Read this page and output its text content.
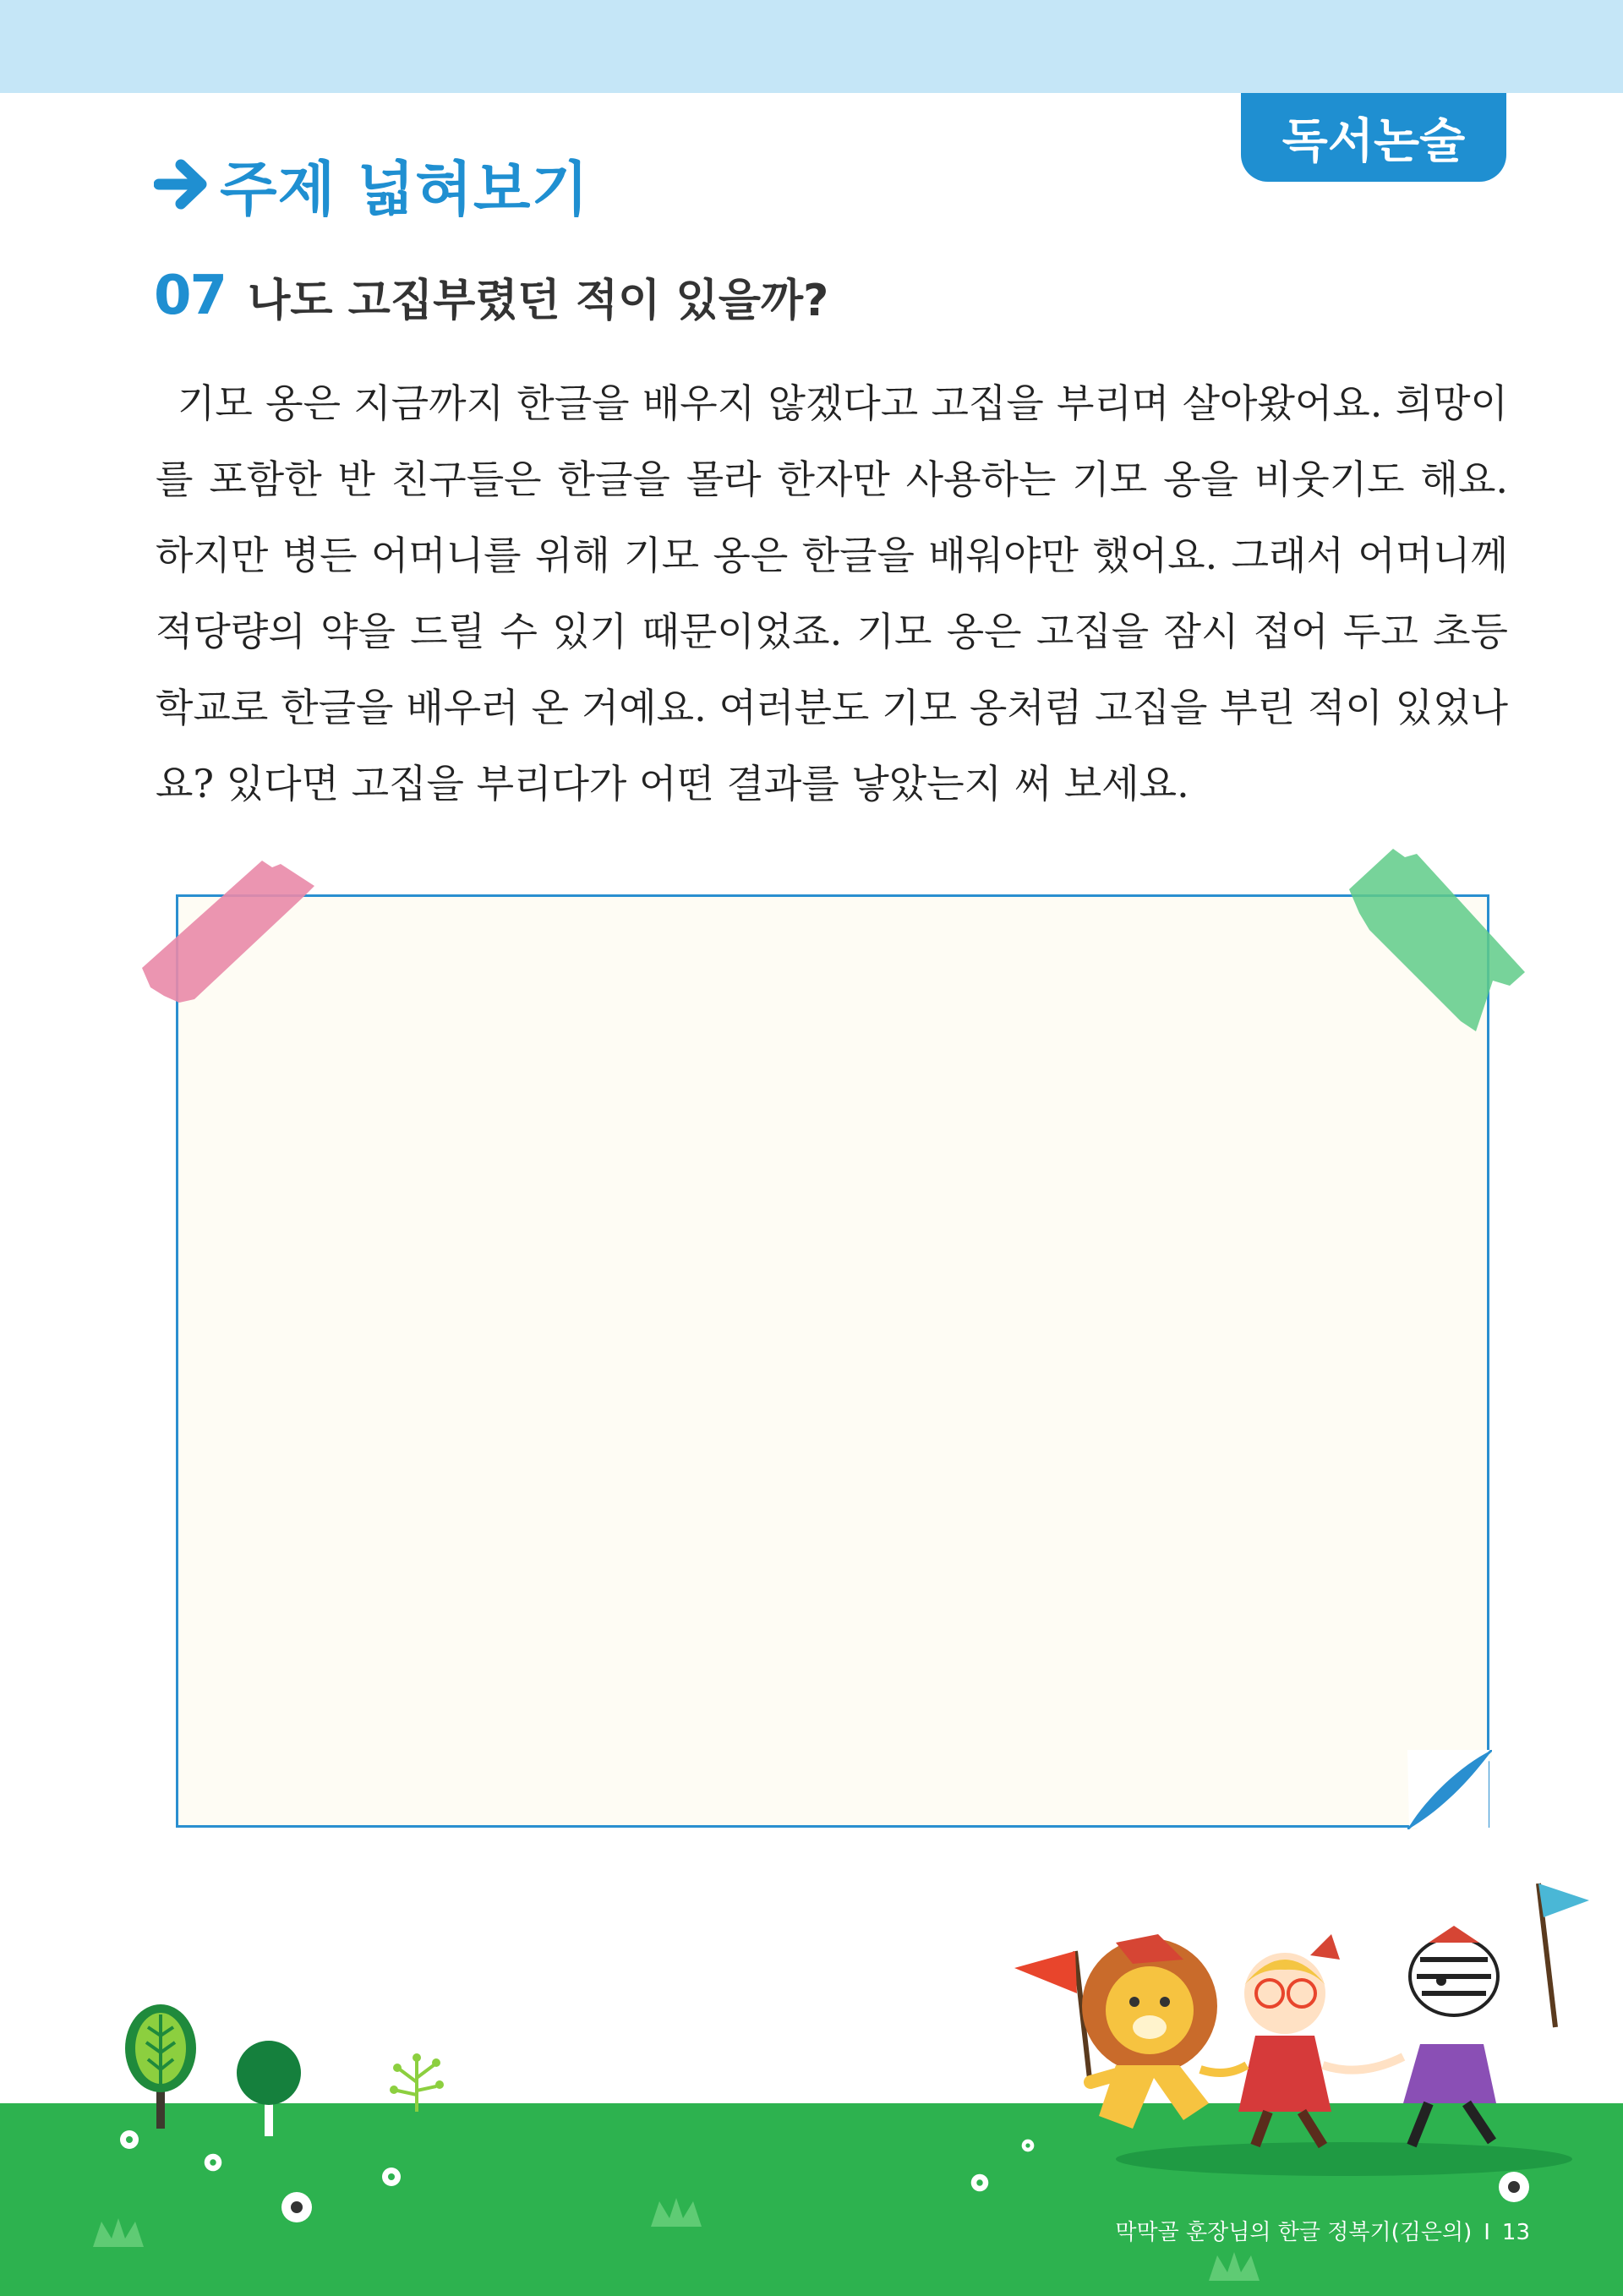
독서논술
주제 넓혀보기
07 나도 고집부렸던 적이 있을까?

기모 옹은 지금까지 한글을 배우지 않겠다고 고집을 부리며 살아왔어요. 희망이를 포함한 반 친구들은 한글을 몰라 한자만 사용하는 기모 옹을 비웃기도 해요. 하지만 병든 어머니를 위해 기모 옹은 한글을 배워야만 했어요. 그래서 어머니께 적당량의 약을 드릴 수 있기 때문이었죠. 기모 옹은 고집을 잠시 접어 두고 초등학교로 한글을 배우러 온 거예요. 여러분도 기모 옹처럼 고집을 부린 적이 있었나요? 있다면 고집을 부리다가 어떤 결과를 낳았는지 써 보세요.

막막골 훈장님의 한글 정복기(김은의) I 13
